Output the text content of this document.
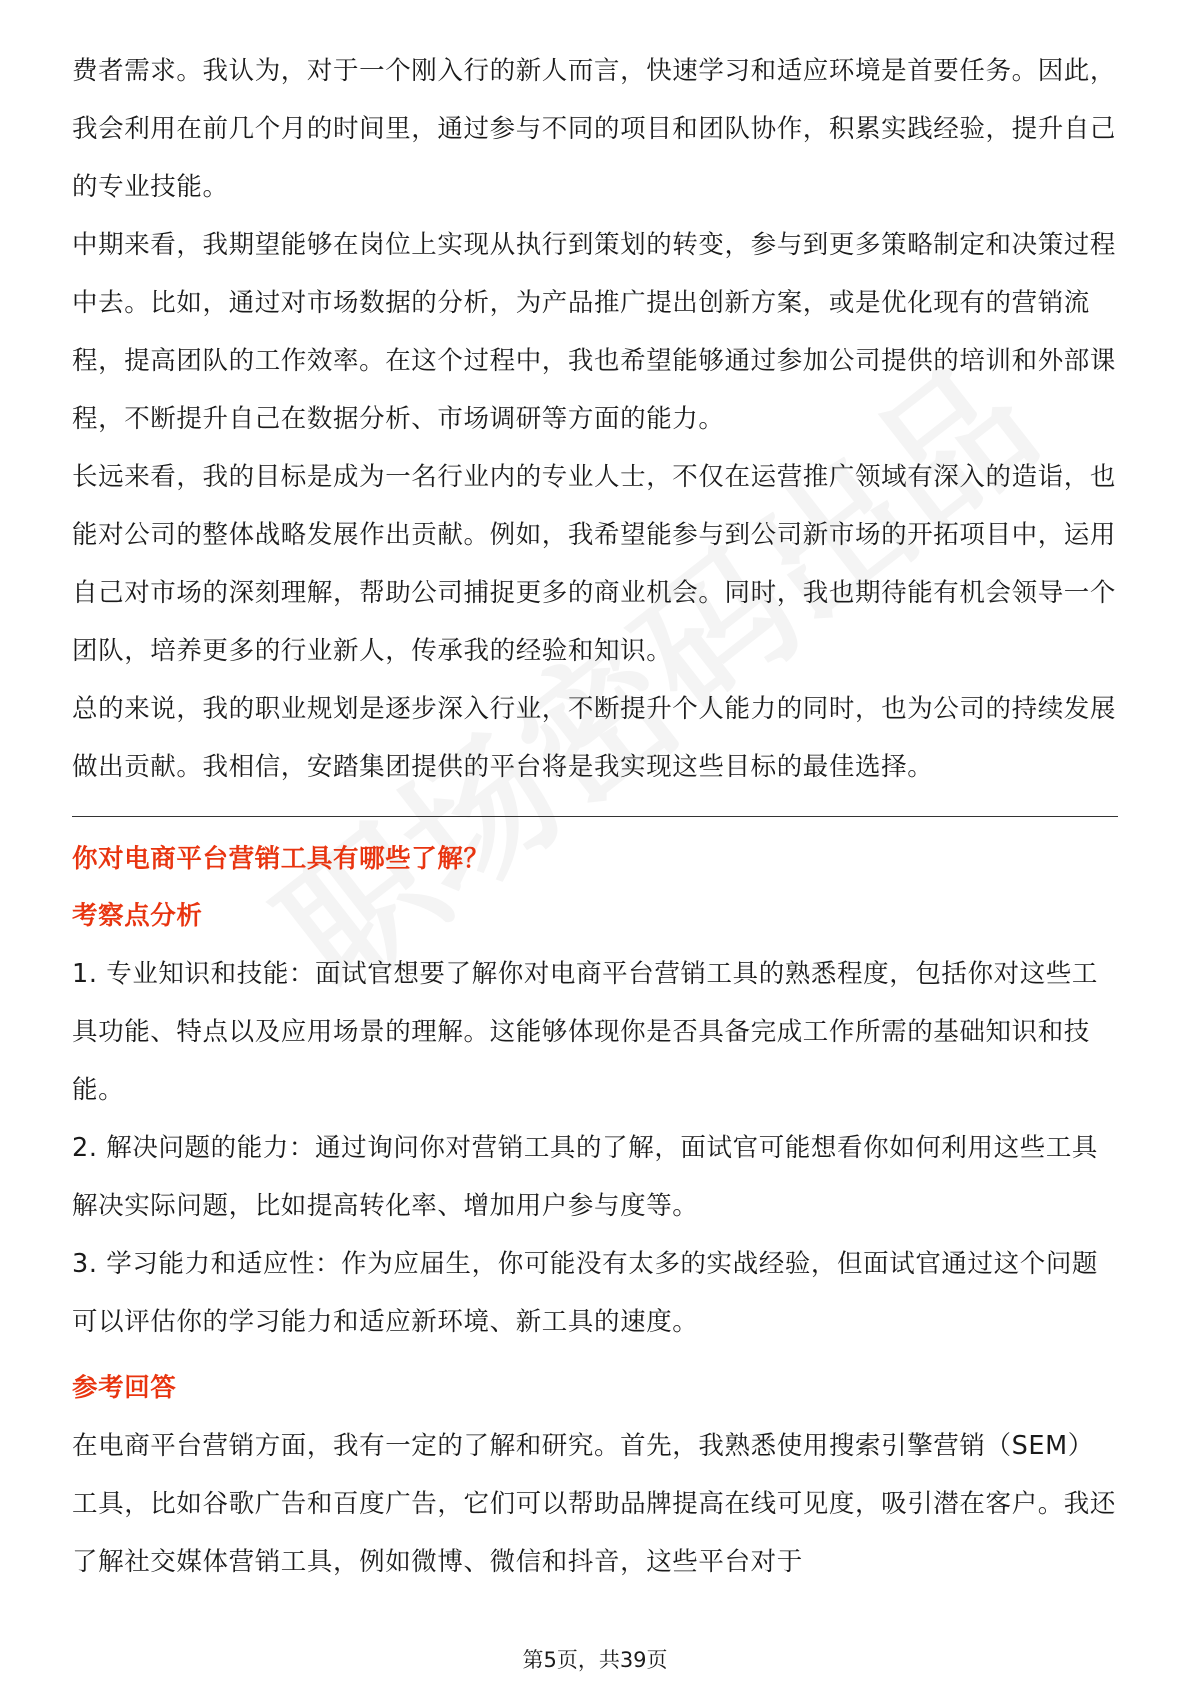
费者需求。我认为，对于一个刚入行的新人而言，快速学习和适应环境是首要任务。因此，我会利用在前几个月的时间里，通过参与不同的项目和团队协作，积累实践经验，提升自己的专业技能。

中期来看，我期望能够在岗位上实现从执行到策划的转变，参与到更多策略制定和决策过程中去。比如，通过对市场数据的分析，为产品推广提出创新方案，或是优化现有的营销流程，提高团队的工作效率。在这个过程中，我也希望能够通过参加公司提供的培训和外部课程，不断提升自己在数据分析、市场调研等方面的能力。

长远来看，我的目标是成为一名行业内的专业人士，不仅在运营推广领域有深入的造诣，也能对公司的整体战略发展作出贡献。例如，我希望能参与到公司新市场的开拓项目中，运用自己对市场的深刻理解，帮助公司捕捉更多的商业机会。同时，我也期待能有机会领导一个团队，培养更多的行业新人，传承我的经验和知识。

总的来说，我的职业规划是逐步深入行业，不断提升个人能力的同时，也为公司的持续发展做出贡献。我相信，安踏集团提供的平台将是我实现这些目标的最佳选择。

你对电商平台营销工具有哪些了解？
考察点分析

1. 专业知识和技能：面试官想要了解你对电商平台营销工具的熟悉程度，包括你对这些工具功能、特点以及应用场景的理解。这能够体现你是否具备完成工作所需的基础知识和技能。

2. 解决问题的能力：通过询问你对营销工具的了解，面试官可能想看你如何利用这些工具解决实际问题，比如提高转化率、增加用户参与度等。

3. 学习能力和适应性：作为应届生，你可能没有太多的实战经验，但面试官通过这个问题可以评估你的学习能力和适应新环境、新工具的速度。

参考回答

在电商平台营销方面，我有一定的了解和研究。首先，我熟悉使用搜索引擎营销（SEM）工具，比如谷歌广告和百度广告，它们可以帮助品牌提高在线可见度，吸引潜在客户。我还了解社交媒体营销工具，例如微博、微信和抖音，这些平台对于

第5页，共39页
